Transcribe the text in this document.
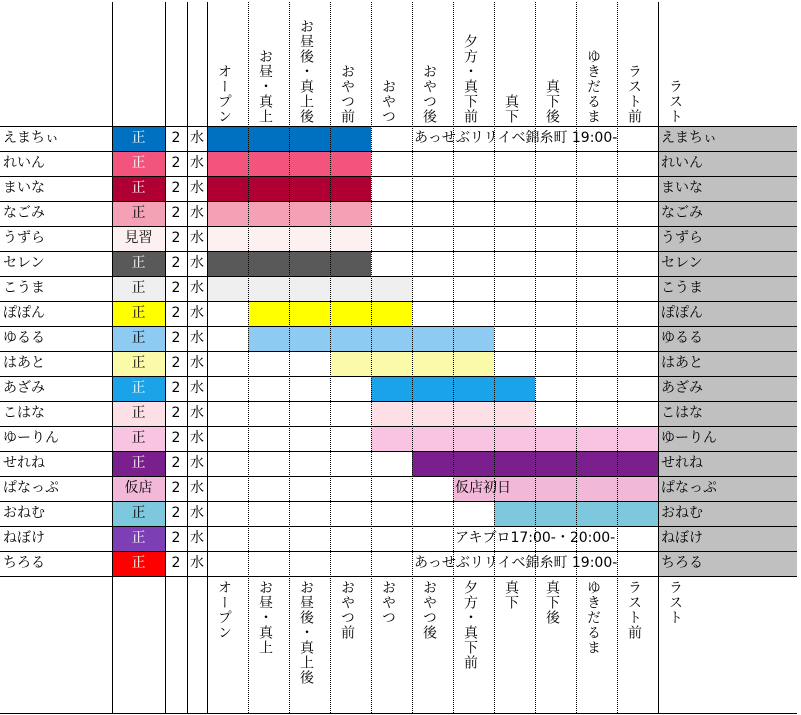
オープン お昼・真上 お昼後・真上後 おやつ前 おやつ おやつ後 夕方・真下前 真下 真下後 ゆきだるま ラスト前 ラスト
オープン お昼・真上 お昼後・真上後 おやつ前 おやつ おやつ後 夕方・真下前 真下 真下後 ゆきだるま ラスト前 ラスト
えまちぃ	正	2 水	あっせぶリリイベ錦糸町 19:00-	えまちぃ
れいん	正	2 水	れいん
まいな	正	2 水	まいな
なごみ	正	2 水	なごみ
うずら	見習	2 水	うずら
セレン	正	2 水	セレン
こうま	正	2 水	こうま
ぽぽん	正	2 水	ぽぽん
ゆるる	正	2 水	ゆるる
はあと	正	2 水	はあと
あざみ	正	2 水	あざみ
こはな	正	2 水	こはな
ゆーりん	正	2 水	ゆーりん
せれね	正	2 水	せれね
ぱなっぷ	仮店	2 水	仮店初日	ぱなっぷ
おねむ	正	2 水	おねむ
ねぼけ	正	2 水	アキブロ17:00-・20:00-	ねぼけ
ちろる	正	2 水	あっせぶリリイベ錦糸町 19:00-	ちろる
